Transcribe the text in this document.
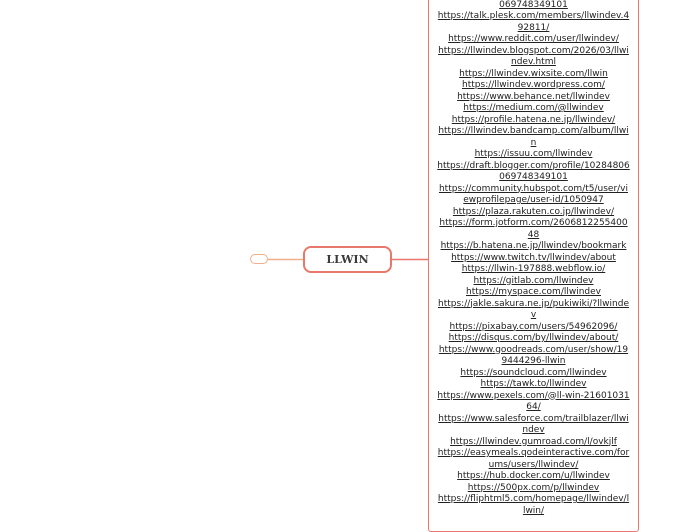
LLWIN
069748349101
https://talk.plesk.com/members/llwindev.492811/
https://www.reddit.com/user/llwindev/
https://llwindev.blogspot.com/2026/03/llwindev.html
https://llwindev.wixsite.com/llwin
https://llwindev.wordpress.com/
https://www.behance.net/llwindev
https://medium.com/@llwindev
https://profile.hatena.ne.jp/llwindev/
https://llwindev.bandcamp.com/album/llwin
https://issuu.com/llwindev
https://draft.blogger.com/profile/10284806069748349101
https://community.hubspot.com/t5/user/viewprofilepage/user-id/1050947
https://plaza.rakuten.co.jp/llwindev/
https://form.jotform.com/260681225540048
https://b.hatena.ne.jp/llwindev/bookmark
https://www.twitch.tv/llwindev/about
https://llwin-197888.webflow.io/
https://gitlab.com/llwindev
https://myspace.com/llwindev
https://jakle.sakura.ne.jp/pukiwiki/?llwindev
https://pixabay.com/users/54962096/
https://disqus.com/by/llwindev/about/
https://www.goodreads.com/user/show/199444296-llwin
https://soundcloud.com/llwindev
https://tawk.to/llwindev
https://www.pexels.com/@ll-win-2160103164/
https://www.salesforce.com/trailblazer/llwindev
https://llwindev.gumroad.com/l/ovkjlf
https://easymeals.qodeinteractive.com/forums/users/llwindev/
https://hub.docker.com/u/llwindev
https://500px.com/p/llwindev
https://fliphtml5.com/homepage/llwindev/llwin/
